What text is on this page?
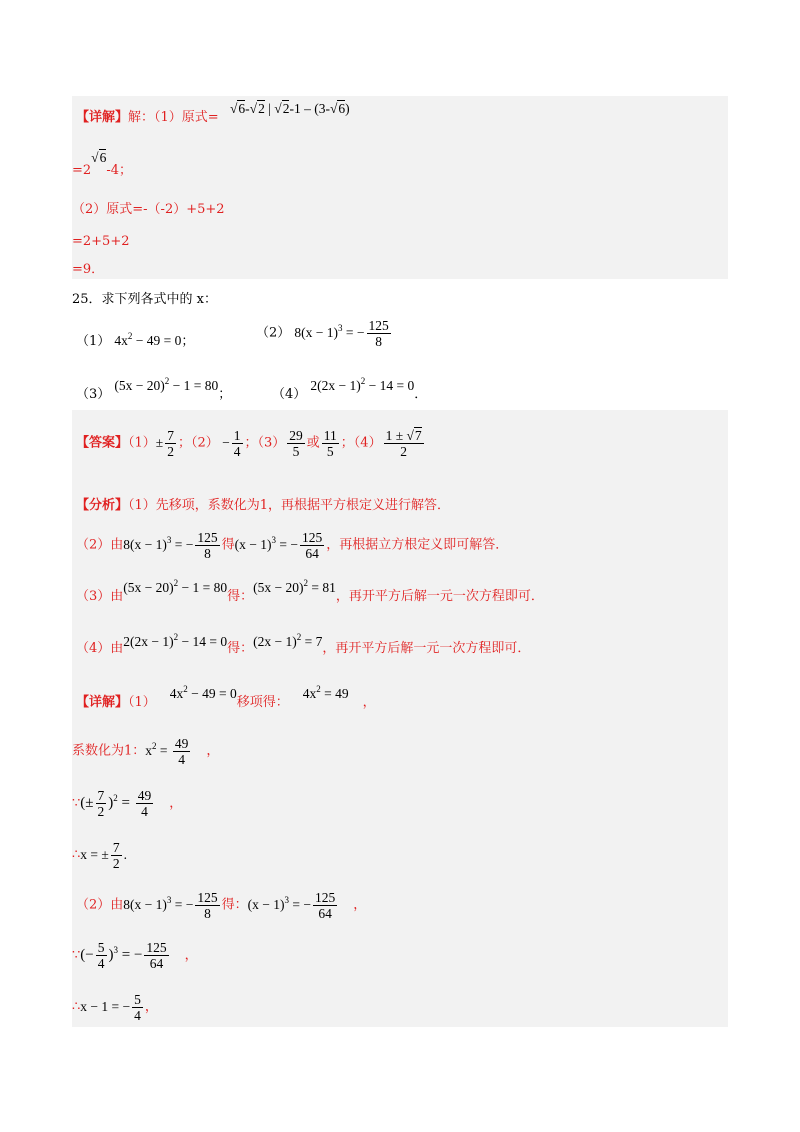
【详解】解：（1）原式=
√6-√2 | √2-1 – (3-√6)
=2√6-4；
（2）原式=-（-2）+5+2
=2+5+2
=9．
25．求下列各式中的 x：
（1） $4x^2 - 49 = 0$；
（2） $8(x - 1)^3$ = − $\frac{125}{8}$
（3） $(5x - 20)^2 - 1 = 80$；	（4） $2(2x - 1)^2 - 14 = 0$．
【答案】$(1)\pm \frac{7}{2}$ ；$(2) - \frac{1}{4}$ ；$(3) \frac{29}{5}$ 或 $\frac{11}{5}$ ；$(4) \frac{1 \pm √7}{2}$
【分析】（1）先移项，系数化为1，再根据平方根定义进行解答．
（2）由$8(x - 1)^3$ = − $\frac{125}{8}$ 得$(x - 1)^3$ = − $\frac{125}{64}$ ，再根据立方根定义即可解答．
（3）由$(5x - 20)^2 - 1 = 80$得：$(5x - 20)^2 = 81$，再开平方后解一元一次方程即可．
（4）由$2(2x - 1)^2 - 14 = 0$得：$(2x - 1)^2 = 7$，再开平方后解一元一次方程即可．
【详解】$(1)4x^2 - 49 = 0$移项得：$4x^2 = 49$，
系数化为1：$x^2 = \frac{49}{4}$ ，
∵(± $\frac{7}{2} )^2 = \frac{49}{4}$ ，
∴x = ± $\frac{7}{2}$ .
（2）由$8(x - 1)^3$ = − $\frac{125}{8}$ 得：$(x - 1)^3$ = − $\frac{125}{64}$ ，
∵(− $\frac{5}{4} )^3$ = − $\frac{125}{64}$ ，
∴x − 1 = − $\frac{5}{4}$ ，
